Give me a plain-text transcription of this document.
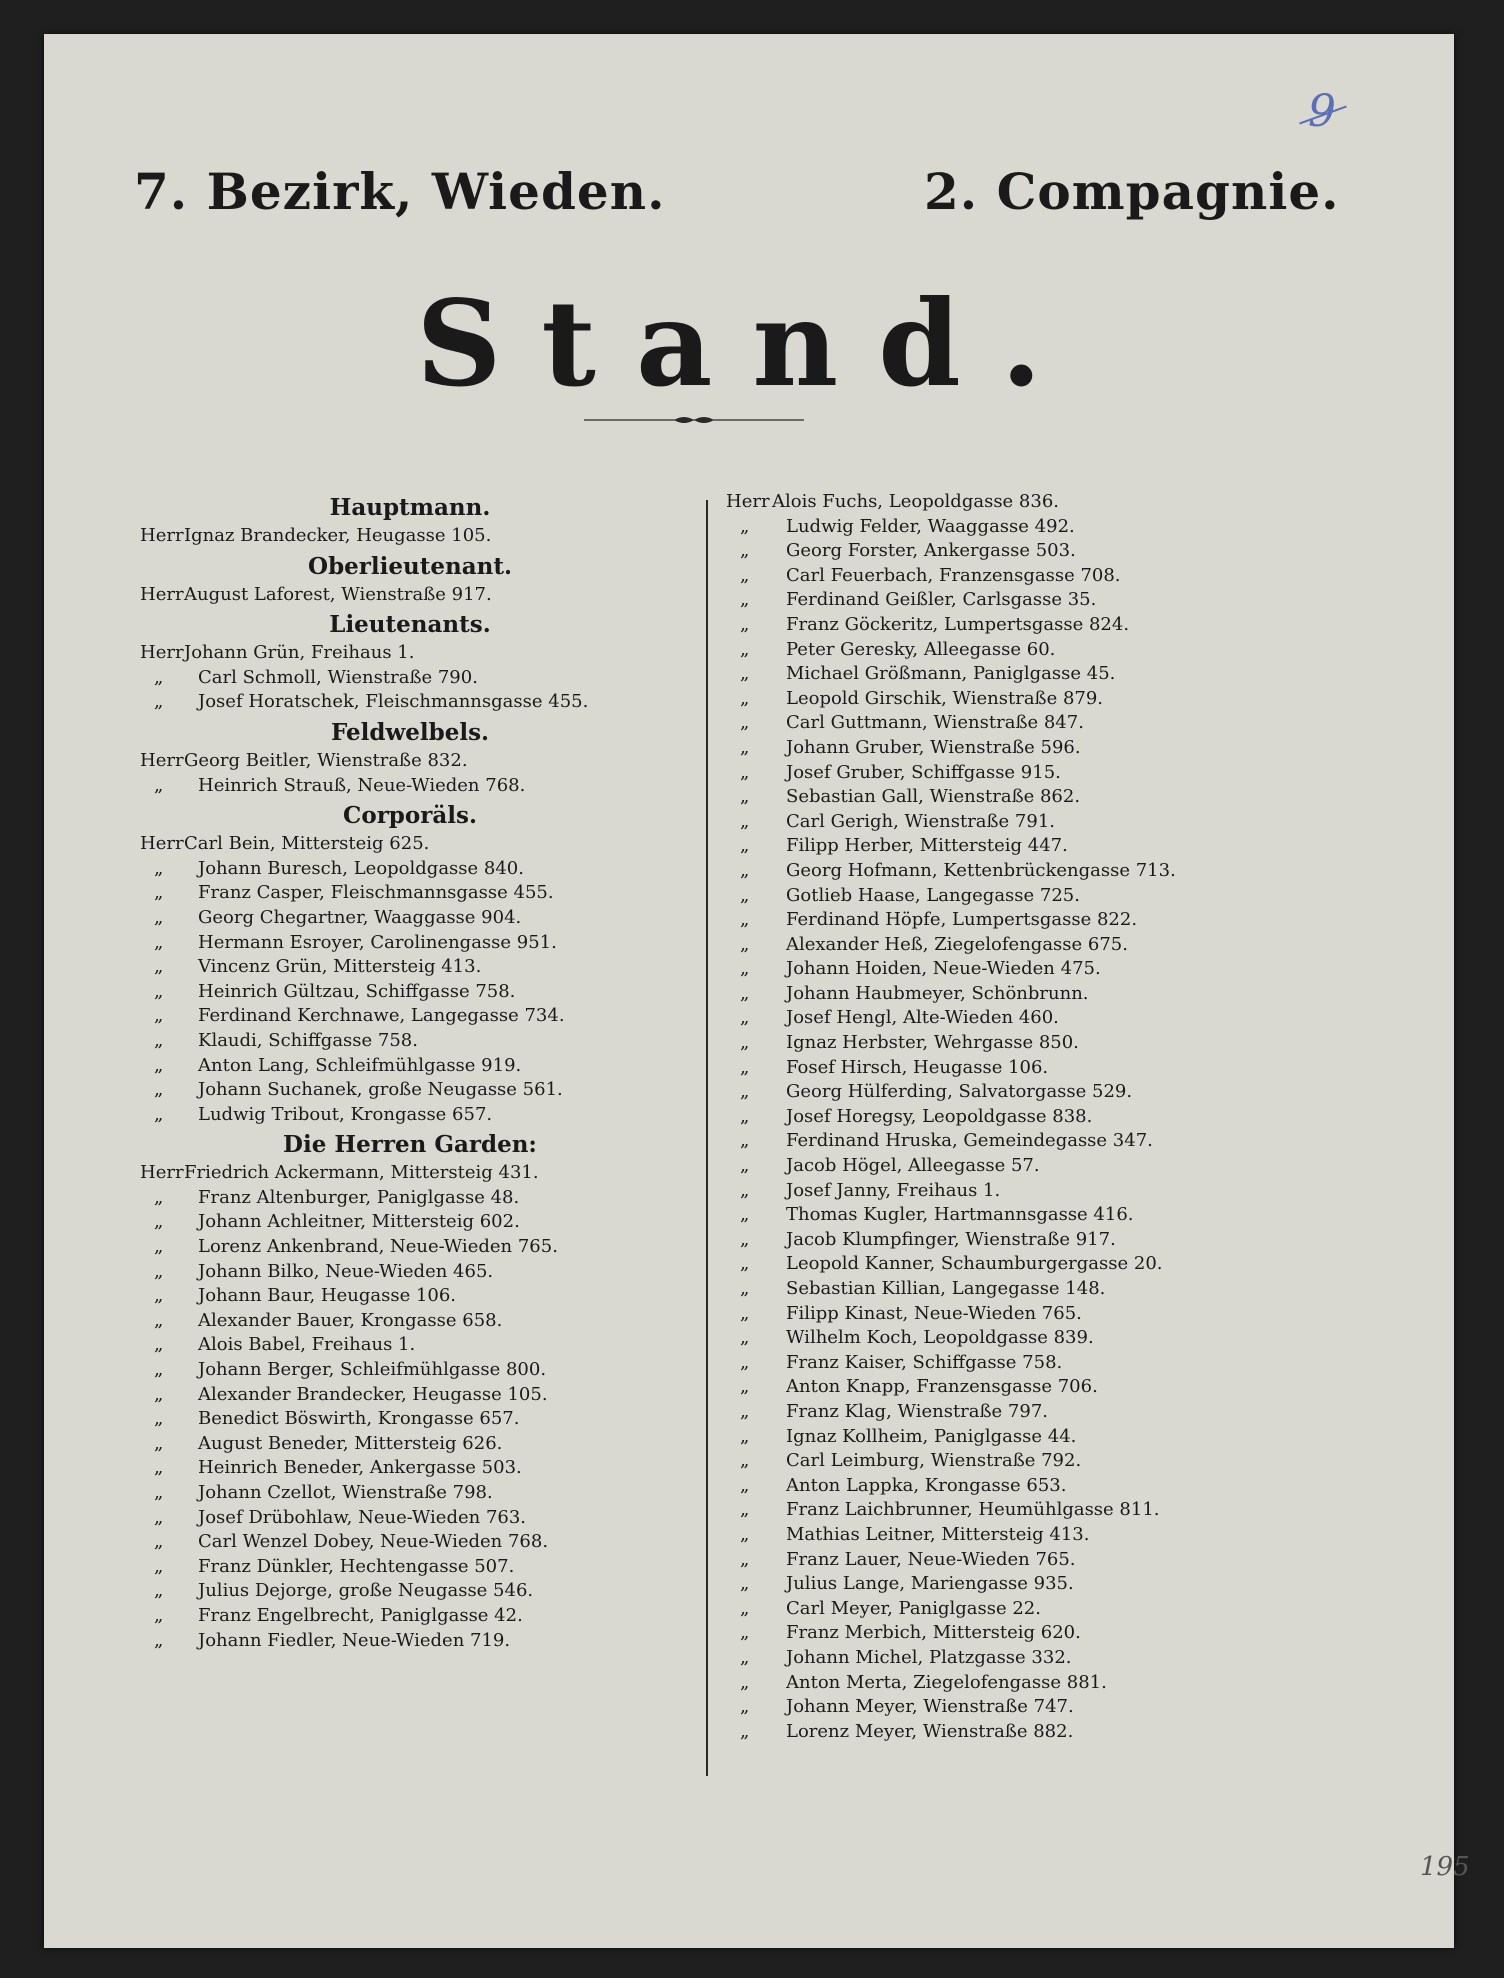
7. Bezirk, Wieden.	2. Compagnie.
9
Stand.
Hauptmann.
HerrIgnaz Brandecker, Heugasse 105.
Oberlieutenant.
HerrAugust Laforest, Wienstraße 917.
Lieutenants.
HerrJohann Grün, Freihaus 1.
„ Carl Schmoll, Wienstraße 790.
„ Josef Horatschek, Fleischmannsgasse 455.
Feldwelbels.
HerrGeorg Beitler, Wienstraße 832.
„ Heinrich Strauß, Neue-Wieden 768.
Corporäls.
HerrCarl Bein, Mittersteig 625.
„ Johann Buresch, Leopoldgasse 840.
„ Franz Casper, Fleischmannsgasse 455.
„ Georg Chegartner, Waaggasse 904.
„ Hermann Esroyer, Carolinengasse 951.
„ Vincenz Grün, Mittersteig 413.
„ Heinrich Gültzau, Schiffgasse 758.
„ Ferdinand Kerchnawe, Langegasse 734.
„ Klaudi, Schiffgasse 758.
„ Anton Lang, Schleifmühlgasse 919.
„ Johann Suchanek, große Neugasse 561.
„ Ludwig Tribout, Krongasse 657.
Die Herren Garden:
HerrFriedrich Ackermann, Mittersteig 431.
„ Franz Altenburger, Paniglgasse 48.
„ Johann Achleitner, Mittersteig 602.
„ Lorenz Ankenbrand, Neue-Wieden 765.
„ Johann Bilko, Neue-Wieden 465.
„ Johann Baur, Heugasse 106.
„ Alexander Bauer, Krongasse 658.
„ Alois Babel, Freihaus 1.
„ Johann Berger, Schleifmühlgasse 800.
„ Alexander Brandecker, Heugasse 105.
„ Benedict Böswirth, Krongasse 657.
„ August Beneder, Mittersteig 626.
„ Heinrich Beneder, Ankergasse 503.
„ Johann Czellot, Wienstraße 798.
„ Josef Drübohlaw, Neue-Wieden 763.
„ Carl Wenzel Dobey, Neue-Wieden 768.
„ Franz Dünkler, Hechtengasse 507.
„ Julius Dejorge, große Neugasse 546.
„ Franz Engelbrecht, Paniglgasse 42.
„ Johann Fiedler, Neue-Wieden 719.
Herr Alois Fuchs, Leopoldgasse 836.
„ Ludwig Felder, Waaggasse 492.
„ Georg Forster, Ankergasse 503.
„ Carl Feuerbach, Franzensgasse 708.
„ Ferdinand Geißler, Carlsgasse 35.
„ Franz Göckeritz, Lumpertsgasse 824.
„ Peter Geresky, Alleegasse 60.
„ Michael Größmann, Paniglgasse 45.
„ Leopold Girschik, Wienstraße 879.
„ Carl Guttmann, Wienstraße 847.
„ Johann Gruber, Wienstraße 596.
„ Josef Gruber, Schiffgasse 915.
„ Sebastian Gall, Wienstraße 862.
„ Carl Gerigh, Wienstraße 791.
„ Filipp Herber, Mittersteig 447.
„ Georg Hofmann, Kettenbrückengasse 713.
„ Gotlieb Haase, Langegasse 725.
„ Ferdinand Höpfe, Lumpertsgasse 822.
„ Alexander Heß, Ziegelofengasse 675.
„ Johann Hoiden, Neue-Wieden 475.
„ Johann Haubmeyer, Schönbrunn.
„ Josef Hengl, Alte-Wieden 460.
„ Ignaz Herbster, Wehrgasse 850.
„ Fosef Hirsch, Heugasse 106.
„ Georg Hülferding, Salvatorgasse 529.
„ Josef Horegsy, Leopoldgasse 838.
„ Ferdinand Hruska, Gemeindegasse 347.
„ Jacob Högel, Alleegasse 57.
„ Josef Janny, Freihaus 1.
„ Thomas Kugler, Hartmannsgasse 416.
„ Jacob Klumpfinger, Wienstraße 917.
„ Leopold Kanner, Schaumburgergasse 20.
„ Sebastian Killian, Langegasse 148.
„ Filipp Kinast, Neue-Wieden 765.
„ Wilhelm Koch, Leopoldgasse 839.
„ Franz Kaiser, Schiffgasse 758.
„ Anton Knapp, Franzensgasse 706.
„ Franz Klag, Wienstraße 797.
„ Ignaz Kollheim, Paniglgasse 44.
„ Carl Leimburg, Wienstraße 792.
„ Anton Lappka, Krongasse 653.
„ Franz Laichbrunner, Heumühlgasse 811.
„ Mathias Leitner, Mittersteig 413.
„ Franz Lauer, Neue-Wieden 765.
„ Julius Lange, Mariengasse 935.
„ Carl Meyer, Paniglgasse 22.
„ Franz Merbich, Mittersteig 620.
„ Johann Michel, Platzgasse 332.
„ Anton Merta, Ziegelofengasse 881.
„ Johann Meyer, Wienstraße 747.
„ Lorenz Meyer, Wienstraße 882.
195
